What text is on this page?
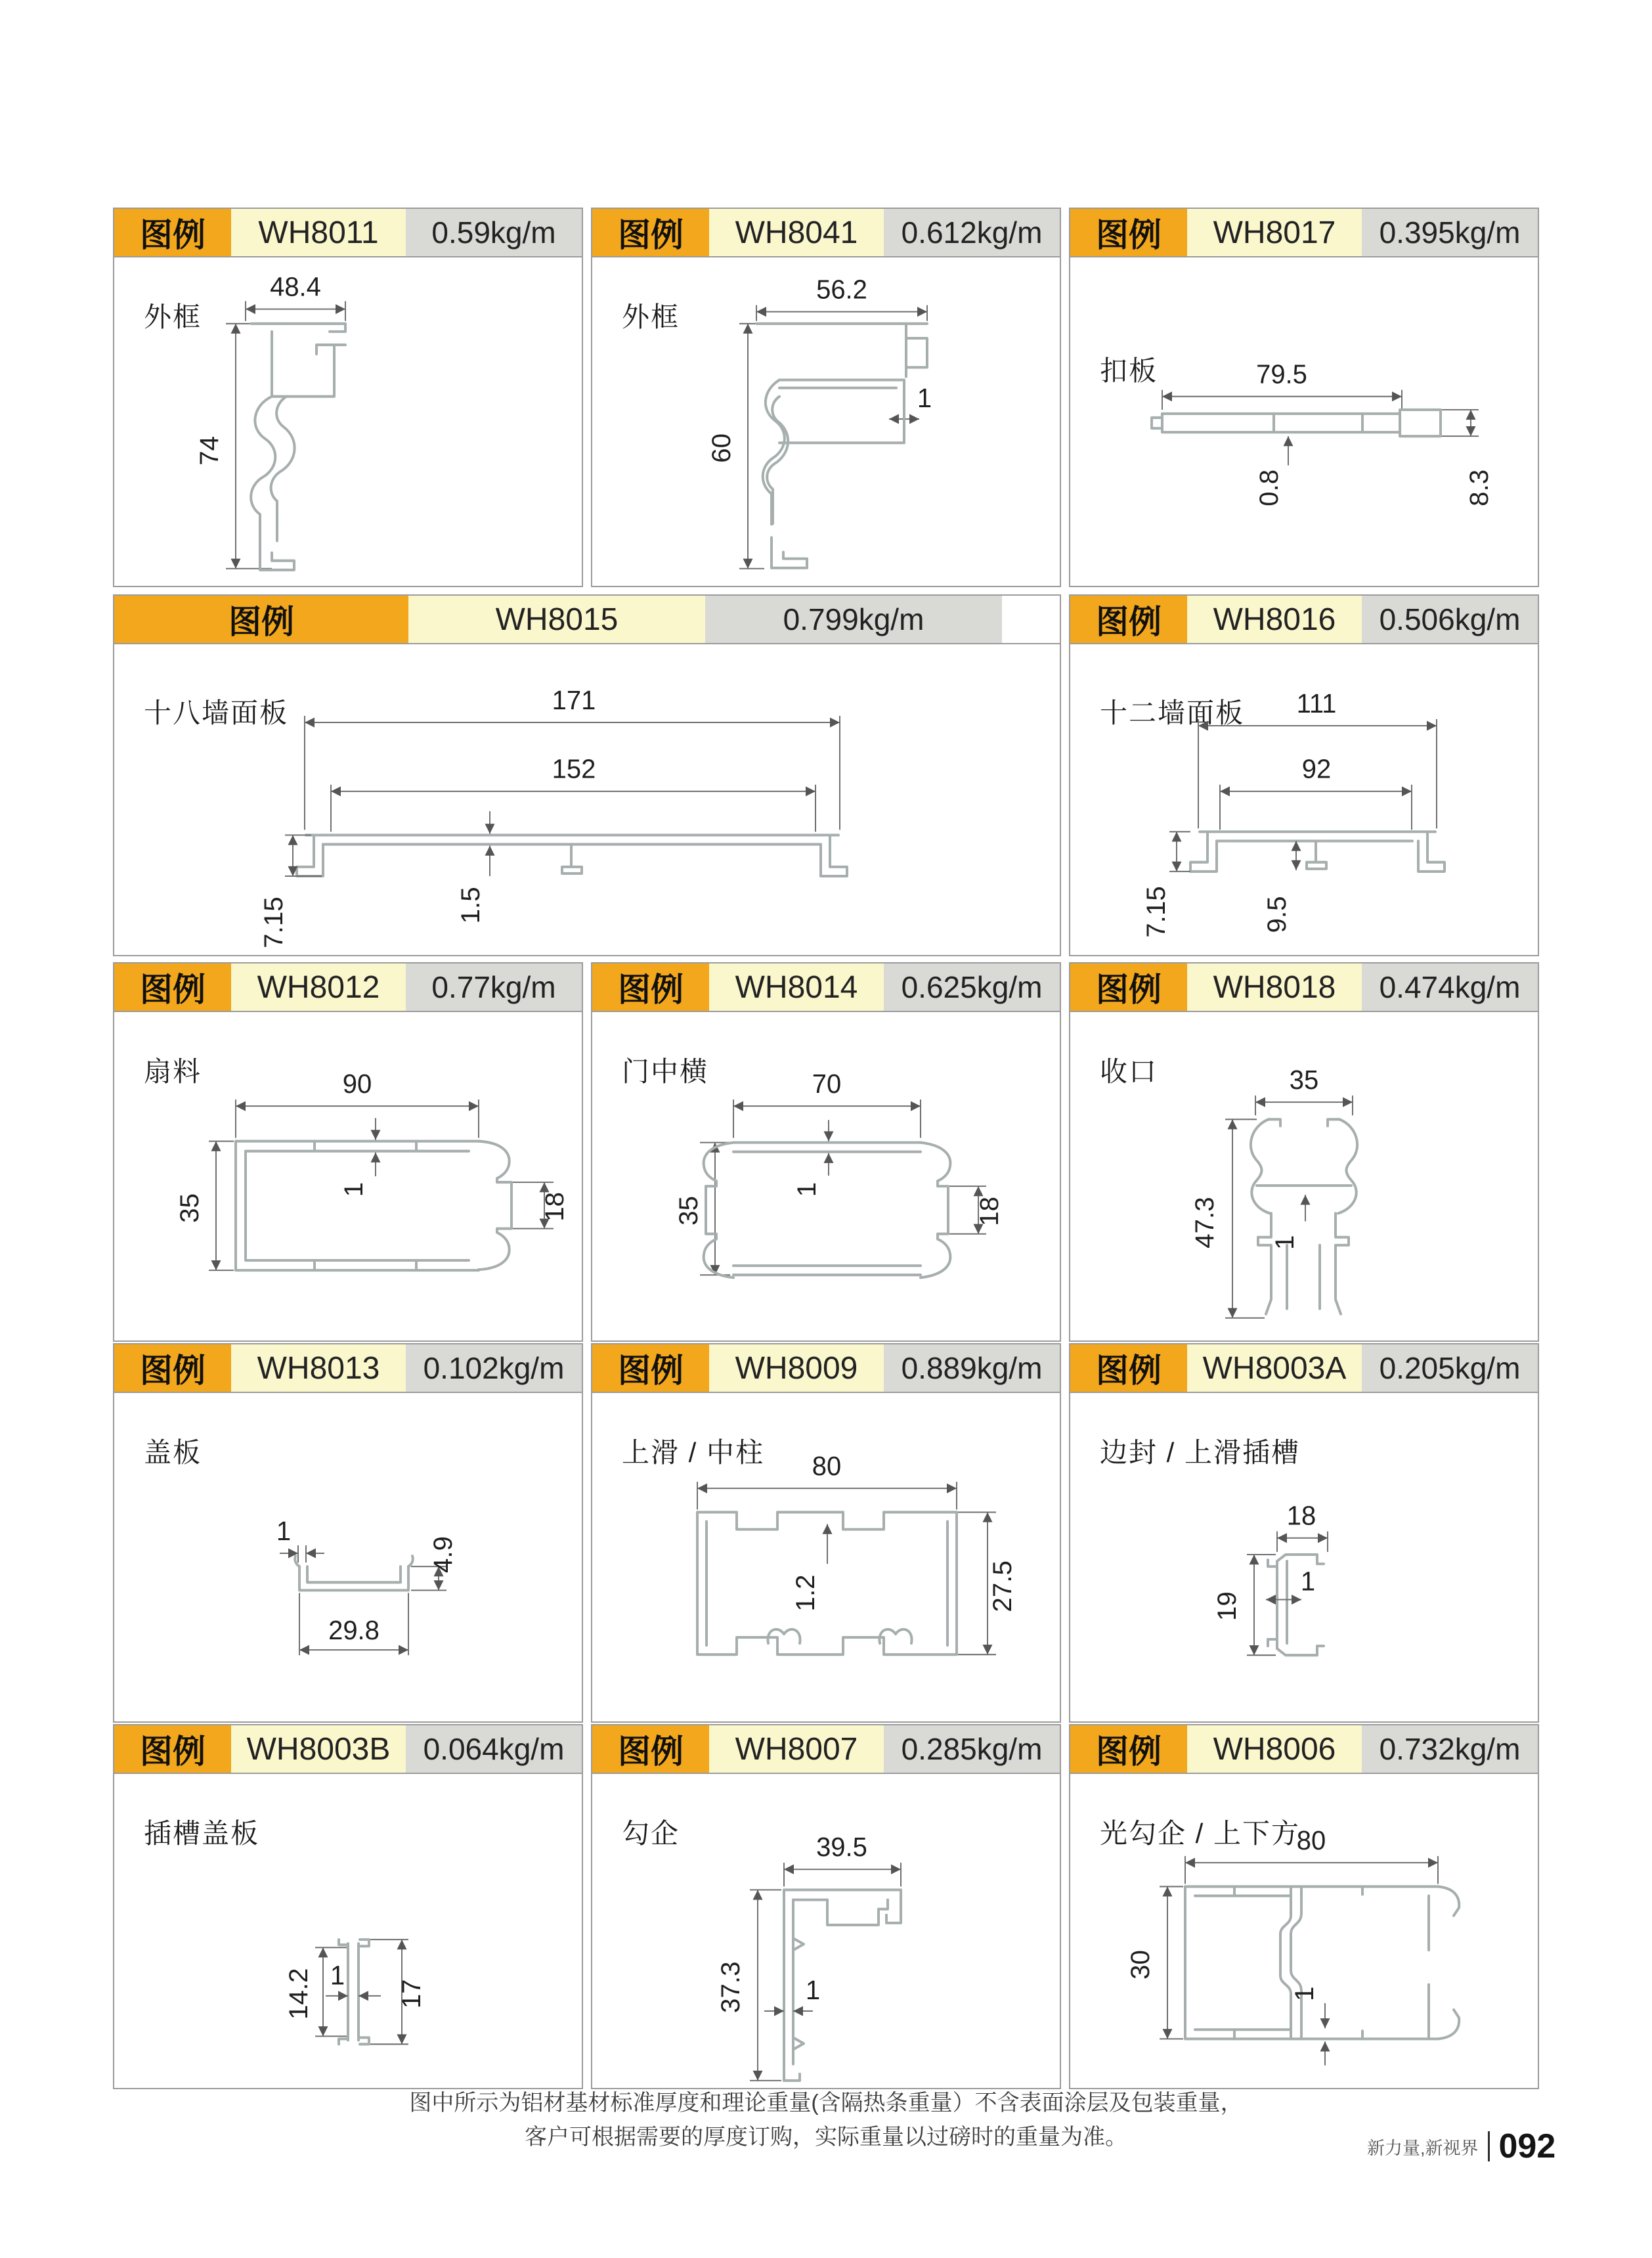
图例	WH8011	0.59kg/m
外框
48.4
74
图例	WH8041	0.612kg/m
外框
56.2
60
1
图例	WH8017	0.395kg/m
扣板	79.5
0.8	8.3
图例	WH8015	0.799kg/m
十八墙面板	171
152
1.5
7.15
图例	WH8016	0.506kg/m
十二墙面板 111
92
7.15	9.5
图例	WH8012	0.77kg/m
扇料	90
35
1
18
图例	WH8014	0.625kg/m
门中横	70
35
1
18
图例	WH8018	0.474kg/m
收口	35
1
47.3
图例	WH8013	0.102kg/m
盖板
1
4.9
29.8
图例	WH8009	0.889kg/m
上滑 / 中柱 80
1.2	27.5
图例	WH8003A	0.205kg/m
边封 / 上滑插槽
18
1
19
图例	WH8003B	0.064kg/m
插槽盖板
14.2 1
17
图例	WH8007	0.285kg/m
勾企	39.5
37.3 1
图例	WH8006	0.732kg/m
光勾企 / 上下方
80
30
1
图中所示为铝材基材标准厚度和理论重量(含隔热条重量）不含表面涂层及包装重量，
客户可根据需要的厚度订购，实际重量以过磅时的重量为准。	新力量,新视界 092
